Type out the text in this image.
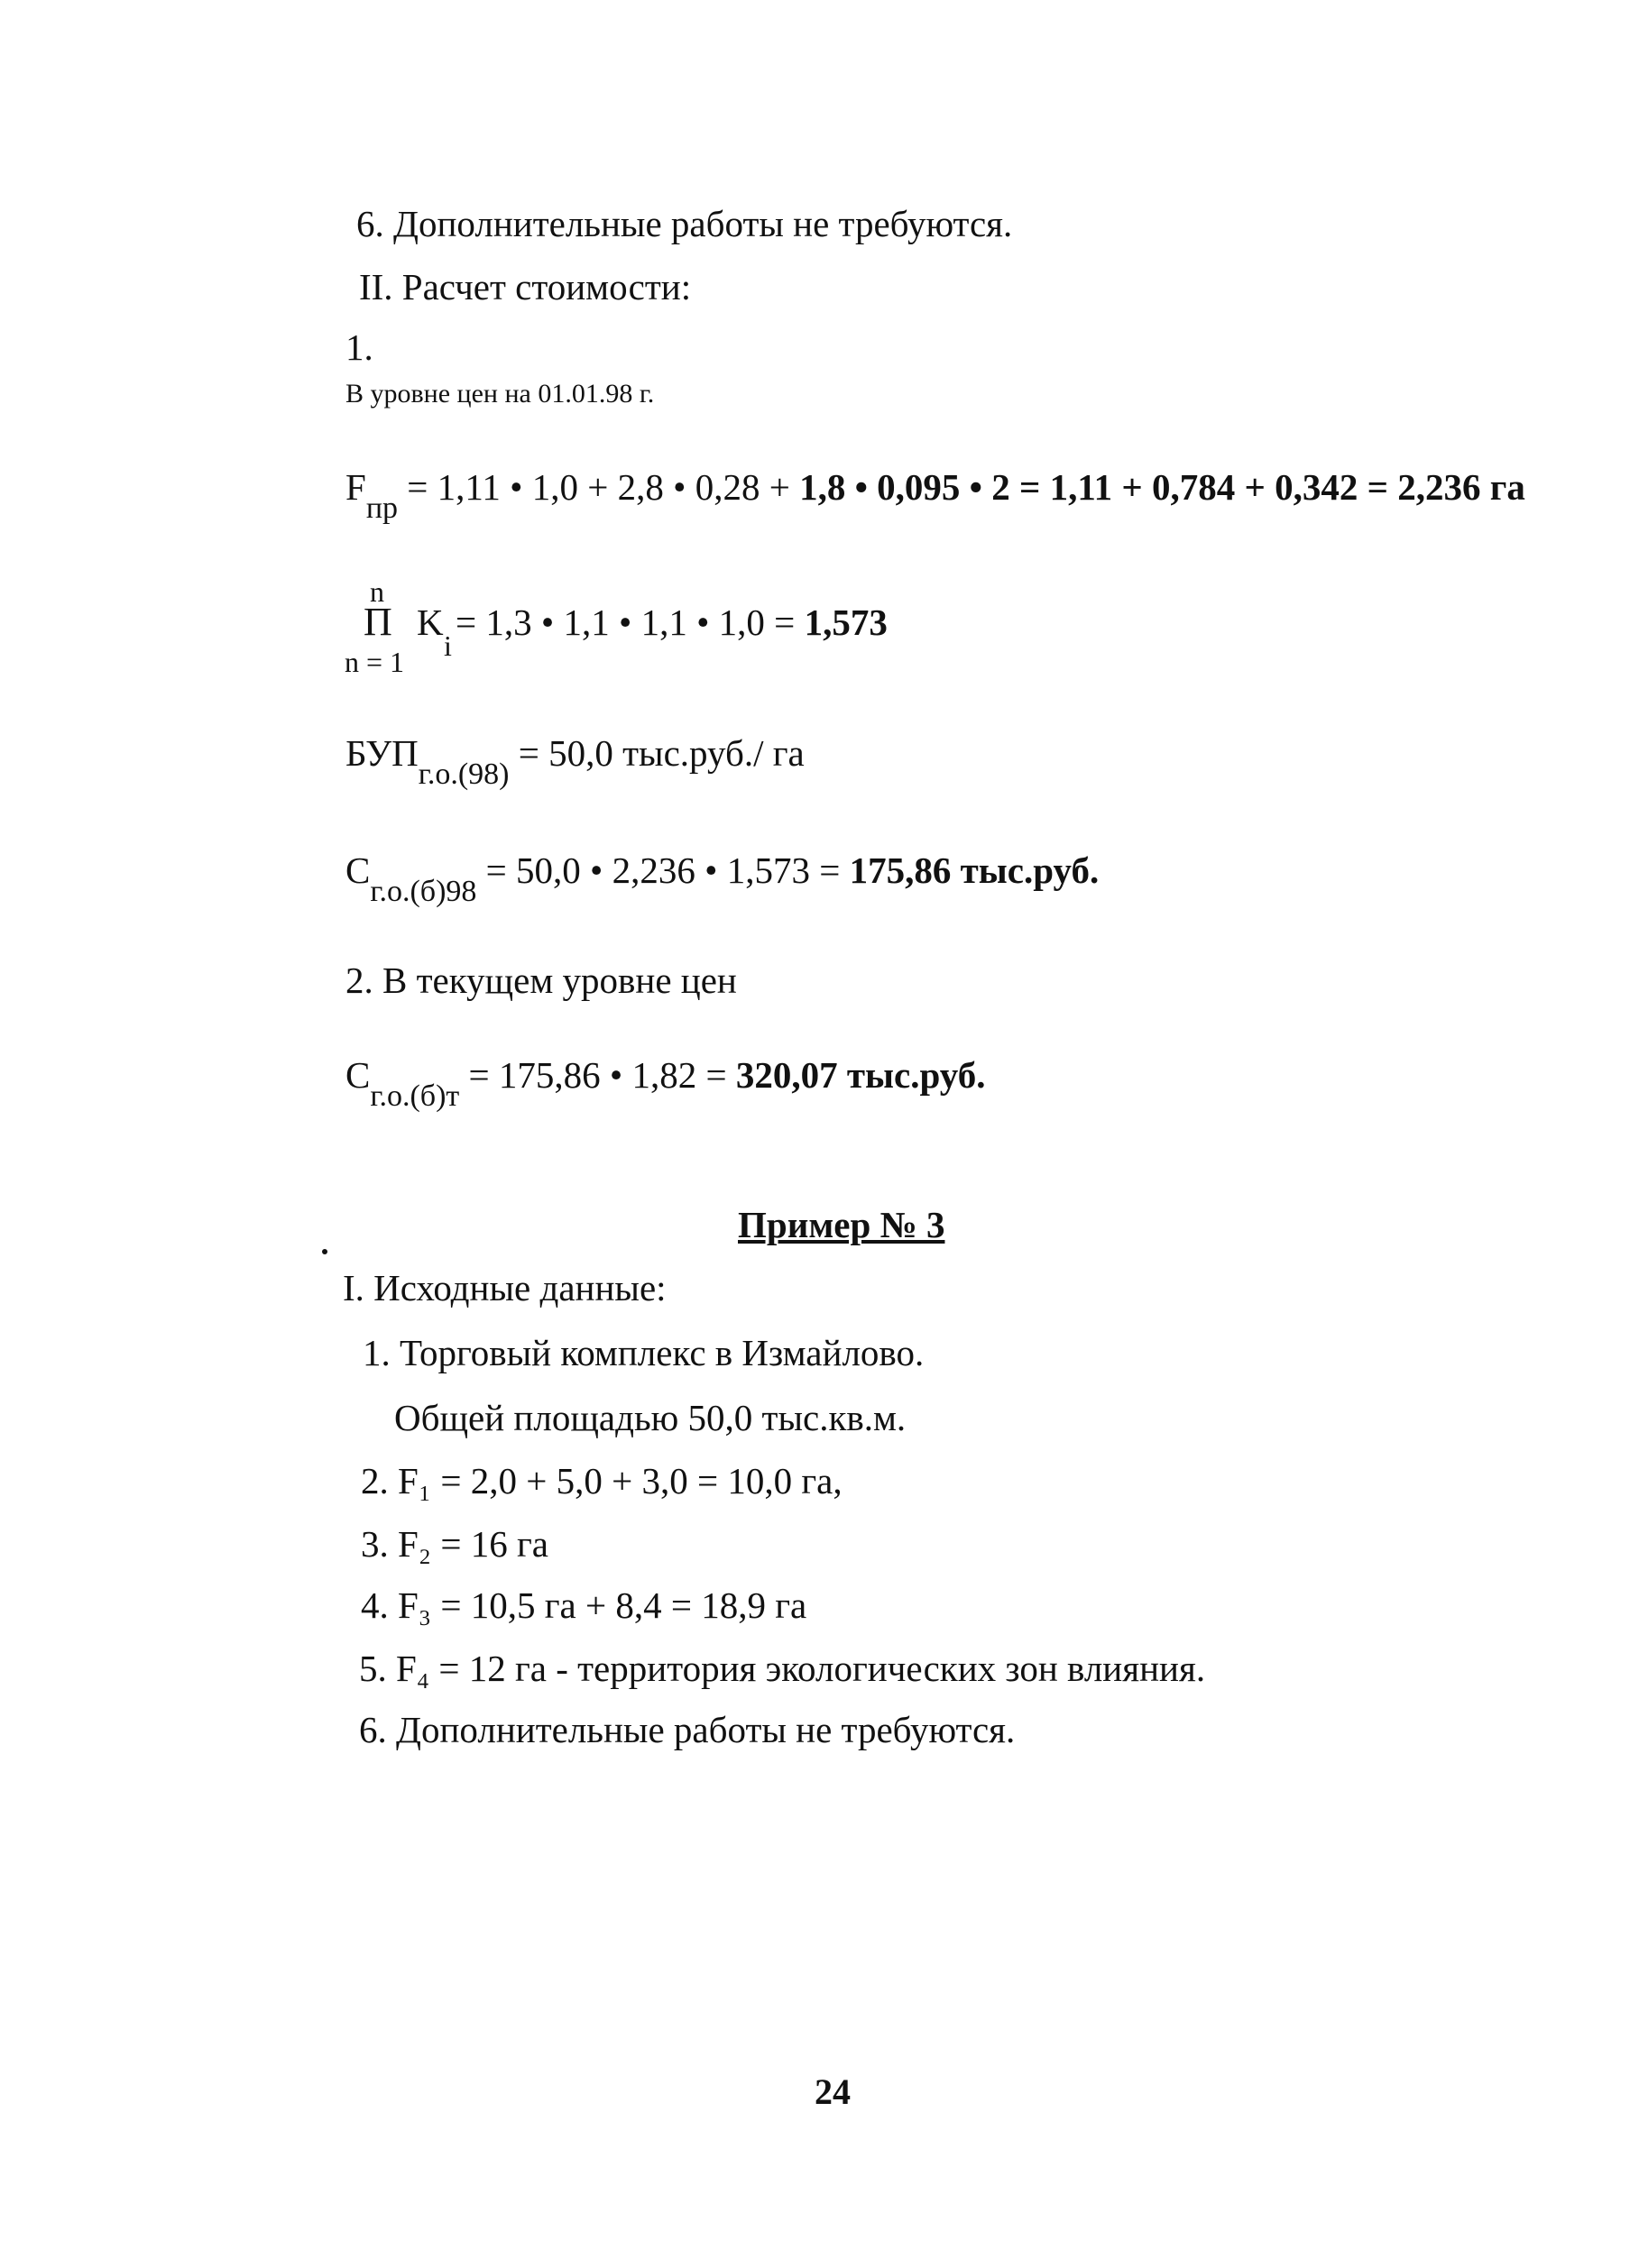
6. Дополнительные работы не требуются.
II. Расчет стоимости:
1.
В уровне цен на 01.01.98 г.
$F_{пр} = 1,11$ • 1,0 + 2,8 • 0,28 + 1,8 • 0,095 • 2 = 1,11 + 0,784 + 0,342 = 2,236 га
n
П
n = 1
K
i
= 1,3 • 1,1 • 1,1 • 1,0 = 1,573
$БУП_{г.о.(98)} = 50,0$ тыс.руб./ га
$С_{г.о.(б)98} = 50,0$ • 2,236 • 1,573 = 175,86 тыс.руб.
2. В текущем уровне цен
$С_{г.о.(б)т} = 175,86$ • 1,82 = 320,07 тыс.руб.
Пример № 3
I. Исходные данные:
1. Торговый комплекс в Измайлово.
Общей площадью 50,0 тыс.кв.м.
2. F₁ = 2,0 + 5,0 + 3,0 = 10,0 га,
3. F₂ = 16 га
4. F₃ = 10,5 га + 8,4 = 18,9 га
5. F₄ = 12 га - территория экологических зон влияния.
6. Дополнительные работы не требуются.
24
